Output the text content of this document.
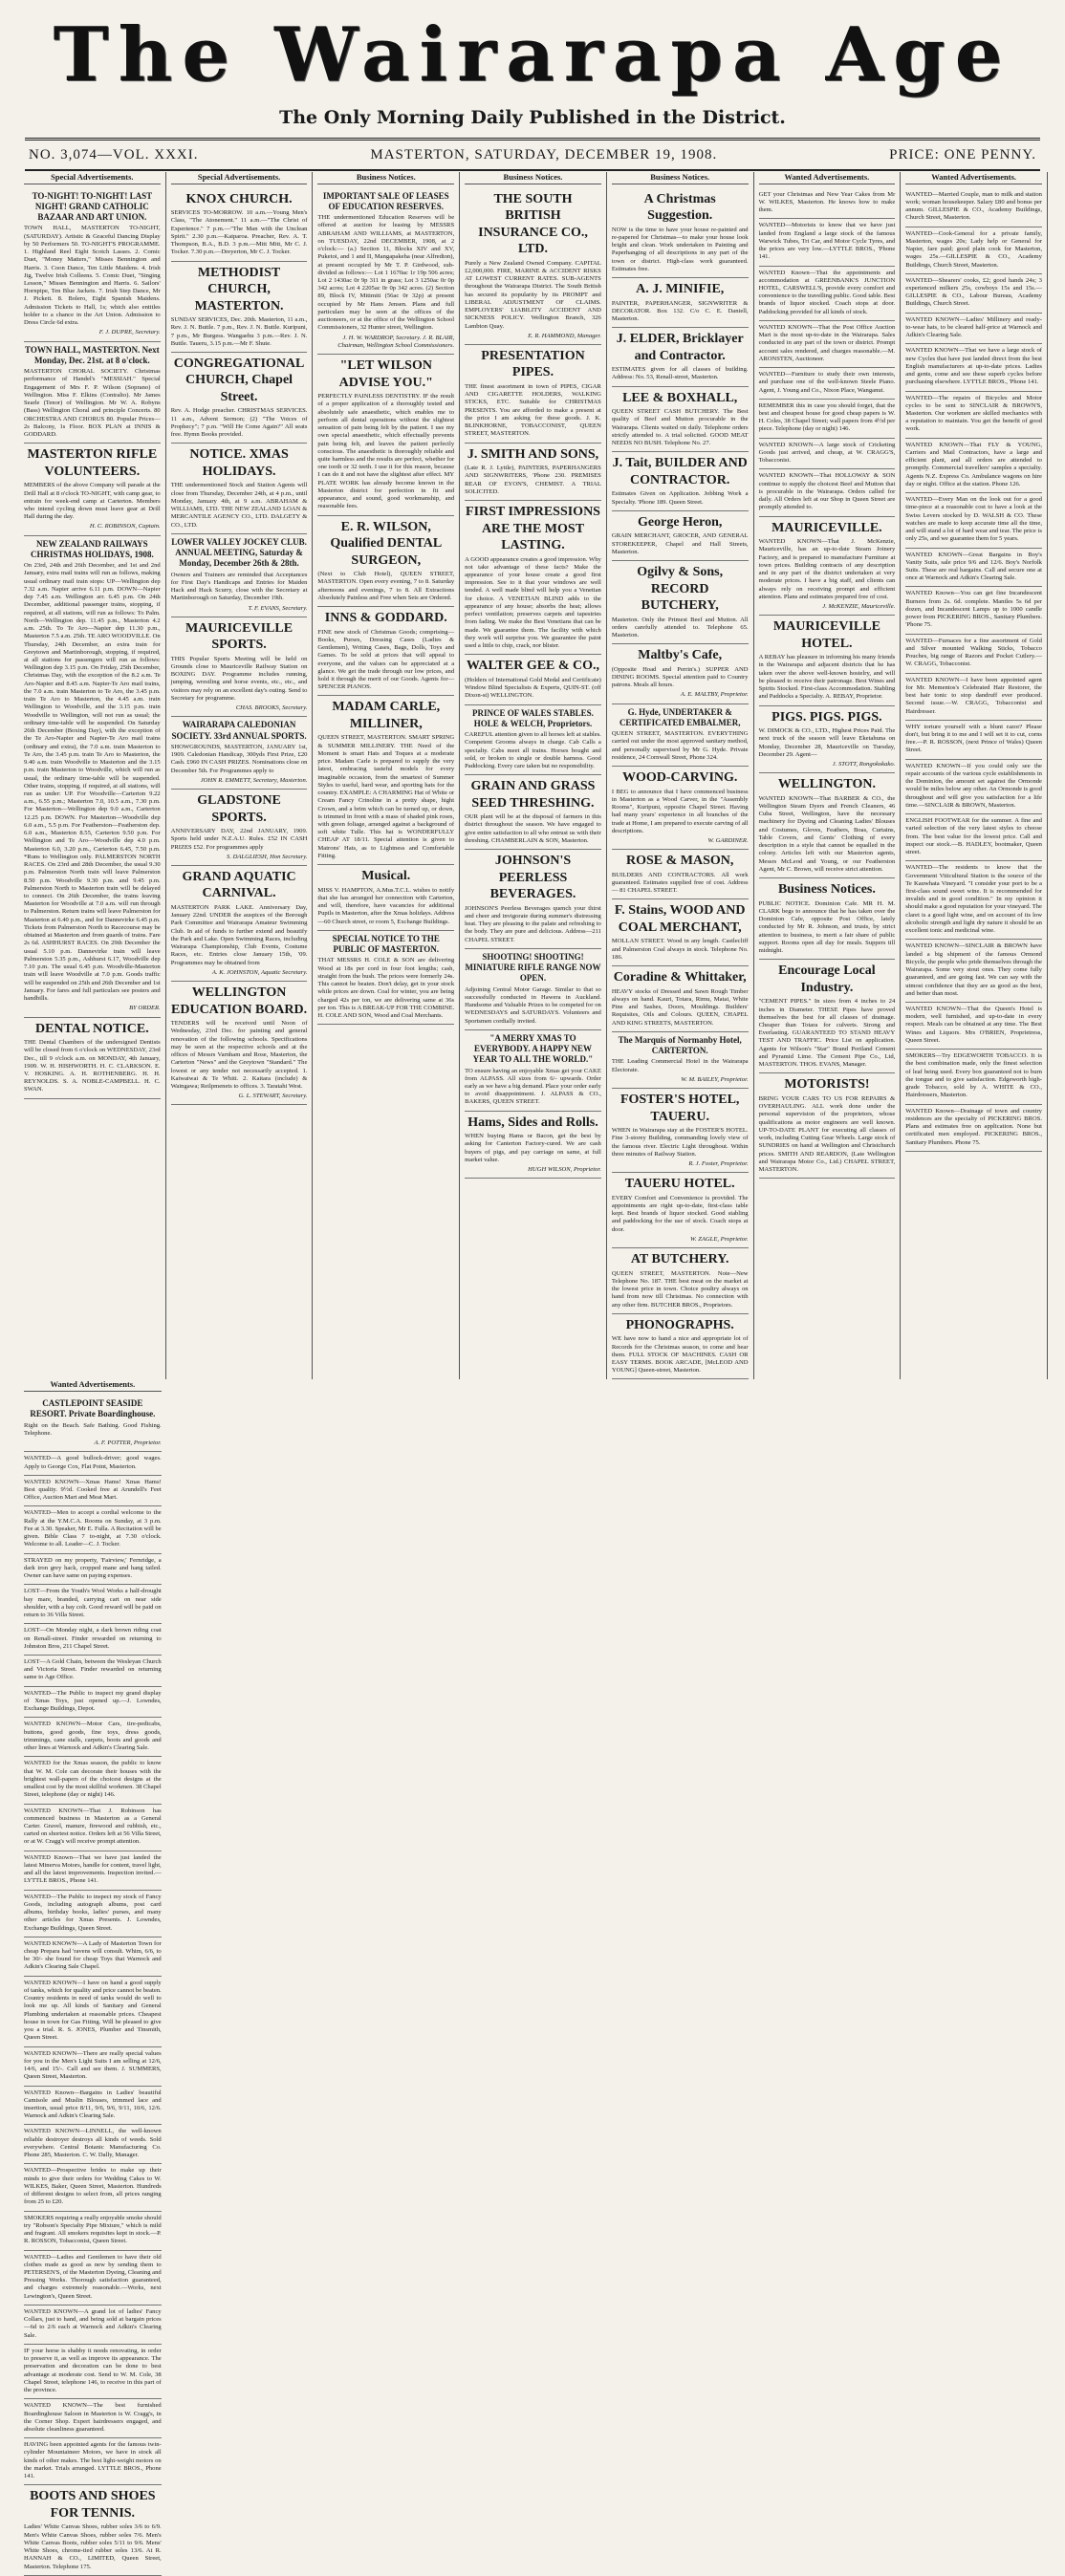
The Wairarapa Age
The Only Morning Daily Published in the District.
NO. 3,074—VOL. XXXI.	MASTERTON, SATURDAY, DECEMBER 19, 1908.	PRICE: ONE PENNY.
Special Advertisements.
TO-NIGHT! TO-NIGHT! LAST NIGHT! GRAND CATHOLIC BAZAAR AND ART UNION.

TOWN HALL, MASTERTON TO-NIGHT, (SATURDAY). Artistic & Graceful Dancing Display by 50 Performers 50. TO-NIGHT'S PROGRAMME. 1. Highland Reel Eight Scotch Lasses. 2. Comic Duet, "Money Matters," Misses Bennington and Harris. 3. Coon Dance, Ten Little Maidens. 4. Irish Jig, Twelve Irish Colleens. 5. Comic Duet, "Singing Lesson," Misses Bennington and Harris. 6. Sailors' Hornpipe, Ten Blue Jackets. 7. Irish Step Dance, Mr J. Pickett. 8. Bolero, Eight Spanish Maidens. Admission Tickets to Hall, 1s; which also entitles holder to a chance in the Art Union. Admission to Dress Circle 6d extra.

F. J. DUPRE, Secretary.
TOWN HALL, MASTERTON. Next Monday, Dec. 21st. at 8 o'clock.

MASTERTON CHORAL SOCIETY. Christmas performance of Handel's "MESSIAH." Special Engagement of Mrs F. P. Wilson (Soprano) of Wellington. Miss F. Elkins (Contralto). Mr James Searle (Tenor) of Wellington. Mr W. A. Robyns (Bass) Wellington Choral and principle Concerts. 80 ORCHESTRA AND CHORUS 80. Popular Prices—2s Balcony, 1s Floor. BOX PLAN at INNIS & GODDARD.

MASTERTON RIFLE VOLUNTEERS.

MEMBERS of the above Company will parade at the Drill Hall at 8 o'clock TO-NIGHT, with camp gear, to entrain for week-end camp at Carterton. Members who intend cycling down must leave gear at Drill Hall during the day.

H. C. ROBINSON, Captain.
NEW ZEALAND RAILWAYS CHRISTMAS HOLIDAYS, 1908.

On 23rd, 24th and 26th December, and 1st and 2nd January, extra mail trains will run as follows, making usual ordinary mail train stops: UP—Wellington dep 7.32 a.m. Napier arrive 6.11 p.m. DOWN—Napier dep 7.45 a.m. Wellington arr. 6.45 p.m. On 24th December, additional passenger trains, stopping, if required, at all stations, will run as follows: To Palm. North—Wellington dep. 11.45 p.m., Masterton 4.2 a.m. 25th. To Te Aro—Napier dep 11.30 p.m., Masterton 7.5 a.m. 25th. TE ARO WOODVILLE. On Thursday, 24th December, an extra train for Greytown and Martinborough, stopping, if required, at all stations for passengers will run as follows: Wellington dep 3.15 p.m. On Friday, 25th December, Christmas Day, with the exception of the 8.2 a.m. Te Aro-Napier and 8.45 a.m. Napier-Te Aro mail trains, the 7.0 a.m. train Masterton to Te Aro, the 3.45 p.m. train Te Aro to Masterton, the 4.45 a.m. train Wellington to Woodville, and the 3.15 p.m. train Woodville to Wellington, will not run as usual; the ordinary time-table will be suspended. On Saturday 26th December (Boxing Day), with the exception of the Te Aro-Napier and Napier-Te Aro mail trains (ordinary and extra), the 7.0 a.m. train Masterton to Te Aro, the 3.45 p.m. train Te Aro to Masterton, the 9.40 a.m. train Woodville to Masterton and the 3.15 p.m. train Masterton to Woodville, which will run as usual, the ordinary time-table will be suspended. Other trains, stopping, if required, at all stations, will run as under: UP. For Woodville—Carterton 9.22 a.m., 6.55 p.m.; Masterton 7.0, 10.5 a.m., 7.30 p.m. For Masterton—Wellington dep 9.0 a.m., Carterton 12.25 p.m. DOWN. For Masterton—Woodville dep 6.0 a.m., 5.5 p.m. For Featherston—Featherston dep. 6.0 a.m., Masterton 8.55, Carterton 9.50 p.m. For Wellington and Te Aro—Woodville dep 4.0 p.m. Masterton 6.0, 3.20 p.m., Carterton 6.45, 7.50 p.m. *Runs to Wellington only. PALMERSTON NORTH RACES. On 23rd and 28th December, the usual 9.30 p.m. Palmerston North train will leave Palmerston 8.50 p.m. Woodville 9.30 p.m. and 9.45 p.m. Palmerston North to Masterton train will be delayed to connect. On 26th December, the trains leaving Masterton for Woodville at 7.0 a.m. will run through to Palmerston. Return trains will leave Palmerston for Masterton at 6.40 p.m., and for Dannevirke 6.45 p.m. Tickets from Palmerston North to Racecourse may be obtained at Masterton and from guards of trains. Fare 2s 6d. ASHHURST RACES. On 29th December the usual 5.10 p.m. Dannevirke train will leave Palmerston 5.35 p.m., Ashhurst 6.17, Woodville dep 7.10 p.m. The usual 6.45 p.m. Woodville-Masterton train will leave Woodville at 7.0 p.m. Goods traffic will be suspended on 25th and 26th December and 1st January. For fares and full particulars see posters and handbills.

BY ORDER.
DENTAL NOTICE.

THE Dental Chambers of the undersigned Dentists will be closed from 6 o'clock on WEDNESDAY, 23rd Dec., till 9 o'clock a.m. on MONDAY, 4th January, 1909. W. H. HISHWORTH. H. C. CLARKSON. E. V. HOSKING. A. H. ROTHENBERG. H. H. REYNOLDS. S. A. NOBLE-CAMPBELL. H. C. SWAN.

Special Advertisements.
KNOX CHURCH.

SERVICES TO-MORROW. 10 a.m.—Young Men's Class, "The Atonement." 11 a.m.—"The Christ of Experience." 7 p.m.—"The Man with the Unclean Spirit." 2.30 p.m.—Kaiparoa. Preacher, Rev. A. T. Thompson, B.A., B.D. 3 p.m.—Mitt Mitt, Mr C. J. Tocker. 7.30 p.m.—Dreyerton, Mr C. J. Tocker.

METHODIST CHURCH, MASTERTON.

SUNDAY SERVICES, Dec. 20th. Masterton, 11 a.m., Rev. J. N. Buttle. 7 p.m., Rev. J. N. Buttle. Kuripuni, 7 p.m., Mr Burgess. Wangaehu 3 p.m.—Rev. J. N. Buttle. Taueru, 3.15 p.m.—Mr F. Shute.

CONGREGATIONAL CHURCH, Chapel Street.

Rev. A. Hodge preacher. CHRISTMAS SERVICES. 11 a.m., Advent Sermon; (2) "The Voices of Prophecy"; 7 p.m. "Will He Come Again?" All seats free. Hymn Books provided.

NOTICE. XMAS HOLIDAYS.

THE undermentioned Stock and Station Agents will close from Thursday, December 24th, at 4 p.m., until Monday, January 4th, at 9 a.m. ABRAHAM & WILLIAMS, LTD. THE NEW ZEALAND LOAN & MERCANTILE AGENCY CO., LTD. DALGETY & CO., LTD.

LOWER VALLEY JOCKEY CLUB. ANNUAL MEETING, Saturday & Monday, December 26th & 28th.

Owners and Trainers are reminded that Acceptances for First Day's Handicaps and Entries for Maiden Hack and Hack Scurry, close with the Secretary at Martinborough on Saturday, December 19th.

T. F. EVANS, Secretary.
MAURICEVILLE SPORTS.

THIS Popular Sports Meeting will be held on Grounds close to Mauriceville Railway Station on BOXING DAY. Programme includes running, jumping, wrestling and horse events, etc., etc., and visitors may rely on an excellent day's outing. Send to Secretary for programme.

CHAS. BROOKS, Secretary.
WAIRARAPA CALEDONIAN SOCIETY. 33rd ANNUAL SPORTS.

SHOWGROUNDS, MASTERTON, JANUARY 1st, 1909. Caledonian Handicap, 300yds First Prize, £20 Cash. £960 IN CASH PRIZES. Nominations close on December 5th. For Programmes apply to

JOHN R. EMMETT, Secretary, Masterton.
GLADSTONE SPORTS.

ANNIVERSARY DAY, 22nd JANUARY, 1909. Sports held under N.Z.A.U. Rules. £52 IN CASH PRIZES £52. For programmes apply

S. DALGLIESH, Hon Secretary.
GRAND AQUATIC CARNIVAL.

MASTERTON PARK LAKE. Anniversary Day, January 22nd. UNDER the auspices of the Borough Park Committee and Wairarapa Amateur Swimming Club. In aid of funds to further extend and beautify the Park and Lake. Open Swimming Races, including Wairarapa Championship, Club Events, Costume Races, etc. Entries close January 15th, '09. Programmes may be obtained from

A. K. JOHNSTON, Aquatic Secretary.
WELLINGTON EDUCATION BOARD.

TENDERS will be received until Noon of Wednesday, 23rd Dec. for painting and general renovation of the following schools. Specifications may be seen at the respective schools and at the offices of Messrs Varnham and Rose, Masterton, the Carterton "News" and the Greytown "Standard." The lowest or any tender not necessarily accepted. 1. Kaiwaiwai & Te Whiti. 2. Kaitara (include) & Waingawa; Reilpmenets to offices. 3. Taratahi West.

G. L. STEWART, Secretary.
Business Notices.
IMPORTANT SALE OF LEASES OF EDUCATION RESERVES.

THE undermentioned Education Reserves will be offered at auction for leasing by MESSRS ABRAHAM AND WILLIAMS, at MASTERTON, on TUESDAY, 22nd DECEMBER, 1908, at 2 o'clock:— (a.) Section 11, Blocks XIV and XV, Puketoi, and 1 and II, Mangapakeha (near Alfredton), at present occupied by Mr T. P. Girdwood, sub-divided as follows:— Lot 1 1670ac 1r 19p 506 acres; Lot 2 1430ac 0r 9p 311 in grass; Lot 3 1250ac 0r 0p 342 acres; Lot 4 2205ac 0r 0p 342 acres. (2) Section 89, Block IV, Mitimiti (56ac 0r 32p) at present occupied by Mr Hans Jensen. Plans and full particulars may be seen at the offices of the auctioneers, or at the office of the Wellington School Commissioners, 32 Hunter street, Wellington.

J. H. W. WARDROP, Secretary. J. R. BLAIR, Chairman, Wellington School Commissioners.
"LET WILSON ADVISE YOU."

PERFECTLY PAINLESS DENTISTRY. IF the result of a proper application of a thoroughly tested and absolutely safe anaesthetic, which enables me to perform all dental operations without the slightest sensation of pain being felt by the patient. I use my own special anaesthetic, which effectually prevents pain being felt, and leaves the patient perfectly conscious. The anaesthetic is thoroughly reliable and quite harmless and the results are perfect, whether for one tooth or 32 teeth. I use it for this reason, because I can do it and not have the slightest after effect. MY PLATE WORK has already become known in the Masterton district for perfection in fit and appearance, and sound, good workmanship, and reasonable fees.

E. R. WILSON, Qualified DENTAL SURGEON,

(Next to Club Hotel), QUEEN STREET, MASTERTON. Open every evening, 7 to 8. Saturday afternoons and evenings, 7 to 8. All Extractions Absolutely Painless and Free when Sets are Ordered.

INNS & GODDARD.

FINE new stock of Christmas Goods; comprising— Books, Purses, Dressing Cases (Ladies & Gentlemen), Writing Cases, Bags, Dolls, Toys and Games. To be sold at prices that will appeal to everyone, and the values can be appreciated at a glance. We get the trade through our low prices, and hold it through the merit of our Goods. Agents for— SPENCER PIANOS.

MADAM CARLE, MILLINER,

QUEEN STREET, MASTERTON. SMART SPRING & SUMMER MILLINERY. THE Need of the Moment is smart Hats and Toques at a moderate price. Madam Carle is prepared to supply the very latest, embracing tasteful models for every imaginable occasion, from the smartest of Summer Styles to useful, hard wear, and sporting hats for the country. EXAMPLE: A CHARMING Hat of White or Cream Fancy Crinoline in a pretty shape, hight Crown, and a brim which can be turned up, or down, is trimmed in front with a mass of shaded pink roses, with green foliage, arranged against a background of soft white Tulle. This hat is WONDERFULLY CHEAP AT 18/11. Special attention is given to Matrons' Hats, as to Lightness and Comfortable Fitting.

Musical.

MISS V. HAMPTON, A.Mus.T.C.L. wishes to notify that she has arranged her connection with Carterton, and will, therefore, have vacancies for additional Pupils in Masterton, after the Xmas holidays. Address—60 Church street, or room 5, Exchange Buildings.

SPECIAL NOTICE TO THE PUBLIC OF MASTERTON.

THAT MESSRS H. COLE & SON are delivering Wood at 18s per cord in four foot lengths; cash, straight from the bush. The prices were formerly 24s. This cannot be beaten. Don't delay, get in your stock while prices are down. Coal for winter, you are being charged 42s per ton, we are delivering same at 36s per ton. This is A BREAK-UP FOR THE COMBINE. H. COLE AND SON, Wood and Coal Merchants.

Business Notices.
THE SOUTH BRITISH INSURANCE CO., LTD.

Purely a New Zealand Owned Company. CAPITAL £2,000,000. FIRE, MARINE & ACCIDENT RISKS AT LOWEST CURRENT RATES. SUB-AGENTS throughout the Wairarapa District. The South British has secured its popularity by its PROMPT and LIBERAL ADJUSTMENT OF CLAIMS. EMPLOYERS' LIABILITY ACCIDENT AND SICKNESS POLICY. Wellington Branch, 326 Lambton Quay.

E. R. HAMMOND, Manager.
PRESENTATION PIPES.

THE finest assortment in town of PIPES, CIGAR AND CIGARETTE HOLDERS, WALKING STICKS, ETC. Suitable for CHRISTMAS PRESENTS. You are afforded to make a present at the price I am asking for these goods. J. K. BLINKHORNE, TOBACCONIST, QUEEN STREET, MASTERTON.

J. SMITH AND SONS,

(Late R. J. Lyttle), PAINTERS, PAPERHANGERS AND SIGNWRITERS, 'Phone 230. PREMISES REAR OF EYON'S, CHEMIST. A TRIAL SOLICITED.

FIRST IMPRESSIONS ARE THE MOST LASTING.

A GOOD appearance creates a good impression. Why not take advantage of these facts? Make the appearance of your house create a good first impression. See to it that your windows are well tended. A well made blind will help you a Venetian for choice. A VENETIAN BLIND adds to the appearance of any house; absorbs the heat; allows perfect ventilation; preserves carpets and tapestries from fading. We make the Best Venetians that can be made. We guarantee them. The facility with which they work will surprise you. We guarantee the paint used a little to chip, crack, nor blister.

WALTER GEE & CO.,

(Holders of International Gold Medal and Certificate) Window Blind Specialists & Experts, QUIN-ST. (off Dixon-st) WELLINGTON.

PRINCE OF WALES STABLES. HOLE & WELCH, Proprietors.

CAREFUL attention given to all horses left at stables. Competent Grooms always in charge. Cab Calls a specialty. Cabs meet all trains. Horses bought and sold, or broken to single or double harness. Good Paddocking. Every care taken but no responsibility.

GRAIN AND GRASS SEED THRESHING.

OUR plant will be at the disposal of farmers in this district throughout the season. We have engaged to give entire satisfaction to all who entrust us with their threshing. CHAMBERLAIN & SON, Masterton.

JOHNSON'S PEERLESS BEVERAGES.

JOHNSON'S Peerless Beverages quench your thirst and cheer and invigorate during summer's distressing heat. They are pleasing to the palate and refreshing to the body. They are pure and delicious. Address—211 CHAPEL STREET.

SHOOTING! SHOOTING! MINIATURE RIFLE RANGE NOW OPEN.

Adjoining Central Motor Garage. Similar to that so successfully conducted in Hawera in Auckland. Handsome and Valuable Prizes to be competed for on WEDNESDAYS and SATURDAYS. Volunteers and Sportsmen cordially invited.

"A MERRY XMAS TO EVERYBODY. A HAPPY NEW YEAR TO ALL THE WORLD."

TO ensure having an enjoyable Xmas get your CAKE from ALPASS. All sizes from 6/- upwards. Order early as we have a big demand. Place your order early to avoid disappointment. J. ALPASS & CO., BAKERS, QUEEN STREET.

Hams, Sides and Rolls.

WHEN buying Hams or Bacon, get the best by asking for Canterton Factory-cured. We are cash buyers of pigs, and pay carriage on same, at full market value.

HUGH WILSON, Proprietor.
Business Notices.
A Christmas Suggestion.

NOW is the time to have your house re-painted and re-papered for Christmas—to make your house look bright and clean. Work undertaken in Painting and Paperhanging of all descriptions in any part of the town or district. High-class work guaranteed. Estimates free.

A. J. MINIFIE,

PAINTER, PAPERHANGER, SIGNWRITER & DECORATOR. Box 132. C/o C. E. Daniell, Masterton.

J. ELDER, Bricklayer and Contractor.

ESTIMATES given for all classes of building. Address: No. 53, Renall-street, Masterton.

LEE & BOXHALL,

QUEEN STREET CASH BUTCHERY. The Best quality of Beef and Mutton procurable in the Wairarapa. Clients waited on daily. Telephone orders strictly attended to. A trial solicited. GOOD MEAT NEEDS NO BUSH. Telephone No. 27.

J. Tait, BUILDER AND CONTRACTOR.

Estimates Given on Application. Jobbing Work a Specialty. 'Phone 189. Queen Street.

George Heron,

GRAIN MERCHANT, GROCER, AND GENERAL STOREKEEPER, Chapel and Hall Streets, Masterton.

Ogilvy & Sons, RECORD BUTCHERY,

Masterton. Only the Primest Beef and Mutton. All orders carefully attended to. Telephone 65. Masterton.

Maltby's Cafe,

(Opposite Hoad and Perrin's.) SUPPER AND DINING ROOMS. Special attention paid to Country patrons. Meals all hours.

A. E. MALTBY, Proprietor.
G. Hyde, UNDERTAKER & CERTIFICATED EMBALMER,

QUEEN STREET, MASTERTON. EVERYTHING carried out under the most approved sanitary method, and personally supervised by Mr G. Hyde. Private residence, 24 Cornwall Street, Phone 324.

WOOD-CARVING.

I BEG to announce that I have commenced business in Masterton as a Wood Carver, in the "Assembly Rooms", Kuripuni, opposite Chapel Street. Having had many years' experience in all branches of the trade at Home, I am prepared to execute carving of all descriptions.

W. GARDINER.
ROSE & MASON,

BUILDERS AND CONTRACTORS. All work guaranteed. Estimates supplied free of cost. Address— 81 CHAPEL STREET.

F. Stains, WOOD AND COAL MERCHANT,

MOLLAN STREET. Wood in any length. Castlecliff and Palmerston Coal always in stock. Telephone No. 186.

Coradine & Whittaker,

HEAVY stocks of Dressed and Sawn Rough Timber always on hand. Kauri, Totara, Rimu, Matai, White Pine and Sashes, Doors, Mouldings. Builders' Requisites, Oils and Colours. QUEEN, CHAPEL AND KING STREETS, MASTERTON.

The Marquis of Normanby Hotel, CARTERTON.

THE Leading Commercial Hotel in the Wairarapa Electorate.

W. M. BAILEY, Proprietor.
FOSTER'S HOTEL, TAUERU.

WHEN in Wairarapa stay at the FOSTER'S HOTEL. Fine 3-storey Building, commanding lovely view of the famous river. Electric Light throughout. Within three minutes of Railway Station.

R. J. Foster, Proprietor.
TAUERU HOTEL.

EVERY Comfort and Convenience is provided. The appointments are right up-to-date, first-class table kept. Best brands of liquor stocked. Good stabling and paddocking for the use of stock. Coach stops at door.

W. ZAGLE, Proprietor.
AT BUTCHERY.

QUEEN STREET, MASTERTON. Note—New Telephone No. 187. THE best meat on the market at the lowest price in town. Choice poultry always on hand from now till Christmas. No connection with any other firm. BUTCHER BROS., Proprietors.

PHONOGRAPHS.

WE have now to hand a nice and appropriate lot of Records for the Christmas season, to come and hear them. FULL STOCK OF MACHINES. CASH OR EASY TERMS. BOOK ARCADE, [McLEOD AND YOUNG] Queen-street, Masterton.

Wanted Advertisements.

GET your Christmas and New Year Cakes from Mr W. WILKES, Masterton. He knows how to make them.

WANTED—Motorists to know that we have just landed from England a large stock of the famous Warwick Tubes, Tri Car, and Motor Cycle Tyres, and the prices are very low.—LYTTLE BROS., 'Phone 141.

WANTED Known—That the appointments and accommodation at GREENBANK'S JUNCTION HOTEL, CARSWELL'S, provide every comfort and convenience to the travelling public. Good table. Best brands of liquor stocked. Coach stops at door. Paddocking provided for all kinds of stock.

WANTED KNOWN—That the Post Office Auction Mart is the most up-to-date in the Wairarapa. Sales conducted in any part of the town or district. Prompt account sales rendered, and charges reasonable.—M. ARONSTEN, Auctioneer.

WANTED—Furniture to study their own interests, and purchase one of the well-known Steele Piano. Agent, J. Young and Co., Nixon Place, Wanganui.

REMEMBER this in case you should forget, that the best and cheapest house for good cheap papers is W. H. Coles, 38 Chapel Street; wall papers from 4½d per piece. Telephone (day or night) 146.

WANTED KNOWN—A large stock of Cricketing Goods just arrived, and cheap, at W. CRAGG'S, Tobacconist.

WANTED KNOWN—That HOLLOWAY & SON continue to supply the choicest Beef and Mutton that is procurable in the Wairarapa. Orders called for daily. All Orders left at our Shop in Queen Street are promptly attended to.

MAURICEVILLE.

WANTED KNOWN—That J. McKenzie, Mauriceville, has an up-to-date Steam Joinery Factory, and is prepared to manufacture Furniture at town prices. Building contracts of any description and in any part of the district undertaken at very moderate prices. I have a big staff, and clients can always rely on receiving prompt and efficient attention. Plans and estimates prepared free of cost.

J. McKENZIE, Mauriceville.
MAURICEVILLE HOTEL.

A REBAY has pleasure in informing his many friends in the Wairarapa and adjacent districts that he has taken over the above well-known hostelry, and will be pleased to receive their patronage. Best Wines and Spirits Stocked. First-class Accommodation. Stabling and Paddocks a Specialty. A. REBAY, Proprietor.

PIGS. PIGS. PIGS.

W. DIMOCK & CO., LTD., Highest Prices Paid. The next truck of the season will leave Eketahuna on Monday, December 28, Mauriceville on Tuesday, December 29. Agent—

J. STOTT, Rongokokako.
WELLINGTON.

WANTED KNOWN—That BARBER & CO., the Wellington Steam Dyers and French Cleaners, 46 Cuba Street, Wellington, have the necessary machinery for Dyeing and Cleaning Ladies' Blouses and Costumes, Gloves, Feathers, Boas, Curtains, Table Covers, and Gents' Clothing of every description in a style that cannot be equalled in the colony. Articles left with our Masterton agents, Messrs McLeod and Young, or our Featherston Agent, Mr C. Brown, will receive strict attention.

Business Notices.

PUBLIC NOTICE. Dominion Cafe. MR H. M. CLARK begs to announce that he has taken over the Dominion Cafe, opposite Post Office, lately conducted by Mr R. Johnson, and trusts, by strict attention to business, to merit a fair share of public support. Rooms open all day for meals. Suppers till midnight.

Encourage Local Industry.

"CEMENT PIPES." In sizes from 4 inches to 24 inches in Diameter. THESE Pipes have proved themselves the best for all classes of drainage. Cheaper than Totara for culverts. Strong and Everlasting. GUARANTEED TO STAND HEAVY TEST AND TRAFFIC. Price List on application. Agents for Wilson's "Star" Brand Portland Cement and Pyramid Lime. The Cement Pipe Co., Ltd, MASTERTON. THOS. EVANS, Manager.

MOTORISTS!

BRING YOUR CARS TO US FOR REPAIRS & OVERHAULING. ALL work done under the personal supervision of the proprietors, whose qualifications as motor engineers are well known. UP-TO-DATE PLANT for executing all classes of work, including Cutting Gear Wheels. Large stock of SUNDRIES on hand at Wellington and Christchurch prices. SMITH AND REARDON, (Late Wellington and Wairarapa Motor Co., Ltd.) CHAPEL STREET, MASTERTON.

Wanted Advertisements.

WANTED—Married Couple, man to milk and station work; woman housekeeper. Salary £80 and bonus per annum. GILLESPIE & CO., Academy Buildings, Church Street, Masterton.

WANTED—Cook-General for a private family, Masterton, wages 20s; Lady help or General for Napier, fare paid; good plain cook for Masterton, wages 25s.—GILLESPIE & CO., Academy Buildings, Church Street, Masterton.

WANTED—Shearers' cooks, £2; good hands 24s; 3 experienced milkers 25s, cowboys 15s and 15s.—GILLESPIE & CO., Labour Bureau, Academy Buildings, Church Street.

WANTED KNOWN—Ladies' Millinery and ready-to-wear hats, to be cleared half-price at Warnock and Adkin's Clearing Sale.

WANTED KNOWN—That we have a large stock of new Cycles that have just landed direct from the best English manufacturers at up-to-date prices. Ladies and gents, come and see these superb cycles before purchasing elsewhere. LYTTLE BROS., 'Phone 141.

WANTED—The repairs of Bicycles and Motor cycles to be sent to SINCLAIR & BROWN'S, Masterton. Our workmen are skilled mechanics with a reputation to maintain. You get the benefit of good work.

WANTED KNOWN—That FLY & YOUNG, Carriers and Mail Contractors, have a large and efficient plant, and all orders are attended to promptly. Commercial travellers' samples a specialty. Agents N.Z. Express Co. Ambulance wagons on hire day or night. Office at the station. Phone 126.

WANTED—Every Man on the look out for a good time-piece at a reasonable cost to have a look at the Swiss Levers stocked by D. WALSH & CO. These watches are made to keep accurate time all the time, and will stand a lot of hard wear and tear. The price is only 25s, and we guarantee them for 5 years.

WANTED KNOWN—Great Bargains in Boy's Vanity Suits, sale price 9/6 and 12/6. Boy's Norfolk Suits. These are real bargains. Call and secure one at once at Warnock and Adkin's Clearing Sale.

WANTED Known—You can get fine Incandescent Burners from 2s. 6d. complete. Mantles 5s 6d per dozen, and Incandescent Lamps up to 1000 candle power from PICKERING BROS., Sanitary Plumbers. 'Phone 75.

WANTED—Furnaces for a fine assortment of Gold and Silver mounted Walking Sticks, Tobacco Pouches, big range of Razors and Pocket Cutlery.—W. CRAGG, Tobacconist.

WANTED KNOWN—I have been appointed agent for Mr. Mementos's Celebrated Hair Restorer, the best hair tonic to stop dandruff ever produced. Second issue.—W. CRAGG, Tobacconist and Hairdresser.

WHY torture yourself with a blunt razor? Please don't, but bring it to me and I will set it to cut, corns free.—P. R. ROSSON, (next Prince of Wales) Queen Street.

WANTED KNOWN—If you could only see the repair accounts of the various cycle establishments in the Dominion, the amount set against the Ormonde would be miles below any other. An Ormonde is good throughout and will give you satisfaction for a life time.—SINCLAIR & BROWN, Masterton.

ENGLISH FOOTWEAR for the summer. A fine and varied selection of the very latest styles to choose from. The best value for the lowest price. Call and inspect our stock.—B. HADLEY, bootmaker, Queen street.

WANTED—The residents to know that the Government Viticultural Station is the source of the Te Kauwhata Vineyard. "I consider your port to be a first-class sound sweet wine. It is recommended for invalids and in good condition." In my opinion it should make a good reputation for your vineyard. The claret is a good light wine, and on account of its low alcoholic strength and light dry nature it should be an excellent tonic and medicinal wine.

WANTED KNOWN—SINCLAIR & BROWN have landed a big shipment of the famous Ormond Bicycle, the people who pride themselves through the Wairarapa. Some very stout ones. They come fully guaranteed, and are going fast. We can say with the utmost confidence that they are as good as the best, and better than most.

WANTED KNOWN—That the Queen's Hotel is modern, well furnished, and up-to-date in every respect. Meals can be obtained at any time. The Best Wines and Liquors. Mrs O'BRIEN, Proprietress, Queen Street.

SMOKERS—Try EDGEWORTH TOBACCO. It is the best combination made, only the finest selection of leaf being used. Every box guaranteed not to burn the tongue and to give satisfaction. Edgeworth high-grade Tobacco, sold by A. WHITE & CO., Hairdressers, Masterton.

WANTED Known—Drainage of town and country residences are the specialty of PICKERING BROS. Plans and estimates free on application. None but certificated men employed. PICKERING BROS., Sanitary Plumbers. Phone 75.

Wanted Advertisements.
CASTLEPOINT SEASIDE RESORT. Private Boardinghouse.

Right on the Beach. Safe Bathing. Good Fishing. Telephone.

A. F. POTTER, Proprietor.

WANTED—A good bullock-driver; good wages. Apply to George Cox, Flat Point, Masterton.

WANTED KNOWN—Xmas Hams! Xmas Hams! Best quality. 9½d. Cooked free at Arundell's Feet Office, Auction Mart and Meat Mart.

WANTED—Men to accept a cordial welcome to the Rally at the Y.M.C.A. Rooms on Sunday, at 3 p.m. Fee at 3.30. Speaker, Mr E. Fulla. A Recitation will be given. Bible Class 7 to-night, at 7.30 o'clock. Welcome to all. Leader—C. J. Tocker.

STRAYED on my property, 'Fairview,' Fernridge, a dark iron grey hack, cropped mane and hang tailed. Owner can have same on paying expenses.

LOST—From the Youth's Wool Works a half-drought bay mare, branded, carrying cart on near side shoulder, with a bay colt. Good reward will be paid on return to 36 Villa Street.

LOST—On Monday night, a dark brown riding coat on Renall-street. Finder rewarded on returning to Johnston Bros, 211 Chapel Street.

LOST—A Gold Chain, between the Wesleyan Church and Victoria Street. Finder rewarded on returning same to Age Office.

WANTED—The Public to inspect my grand display of Xmas Toys, just opened up.—J. Lowndes, Exchange Buildings, Depot.

WANTED KNOWN—Motor Cars, tire-pedicabs, buttons, good goods, fine toys, dress goods, trimmings, cane stalls, carpets, boots and goods and other lines at Warnock and Adkin's Clearing Sale.

WANTED for the Xmas season, the public to know that W. M. Cole can decorate their houses with the brightest wall-papers of the choicest designs at the smallest cost by the most skillful workmen. 38 Chapel Street, telephone (day or night) 146.

WANTED KNOWN—That J. Robinson has commenced business in Masterton as a General Carter. Gravel, manure, firewood and rubbish, etc., carted on shortest notice. Orders left at 56 Villa Street, or at W. Cragg's will receive prompt attention.

WANTED Known—That we have just landed the latest Minerva Motors, handle for content, travel light, and all the latest improvements. Inspection invited.—LYTTLE BROS., Phone 141.

WANTED—The Public to inspect my stock of Fancy Goods, including autograph albums, post card albums, birthday books, ladies' purses, and many other articles for Xmas Presents. J. Lowndes, Exchange Buildings, Queen Street.

WANTED KNOWN—A Lady of Masterton Town for cheap Prepara had 'ravens will consult. Whim, 6/6, to be 30/- she found for cheap Toys that Warnock and Adkin's Clearing Sale Chapel.

WANTED KNOWN—I have on hand a good supply of tanks, which for quality and price cannot be beaten. Country residents in need of tanks would do well to look me up. All kinds of Sanitary and General Plumbing undertaken at reasonable prices. Cheapest house in town for Gas Fitting. Will be pleased to give you a trial. R. S. JONES, Plumber and Tinsmith, Queen Street.

WANTED KNOWN—There are really special values for you in the Men's Light Suits I am selling at 12/6, 14/6, and 15/-. Call and see them. J. SUMMERS, Queen Street, Masterton.

WANTED Known—Bargains in Ladies' beautiful Camisole and Muslin Blouses, trimmed lace and insertion, usual price 8/11, 9/6, 9/6, 9/11, 10/6, 12/6. Warnock and Adkin's Clearing Sale.

WANTED KNOWN—LINNELL, the well-known reliable destroyer destroys all kinds of weeds. Sold everywhere. Central Botanic Manufacturing Co. Phone 285, Masterton. C. W. Dally, Manager.

WANTED—Prospective brides to make up their minds to give their orders for Wedding Cakes to W. WILKES, Baker, Queen Street, Masterton. Hundreds of different designs to select from, all prices ranging from 25 to £20.

SMOKERS requiring a really enjoyable smoke should try "Robson's Specialty Pipe Mixture," which is mild and fragrant. All smokers requisites kept in stock.—P. R. ROSSON, Tobacconist, Queen Street.

WANTED—Ladies and Gentlemen to have their old clothes made as good as new by sending them to PETERSEN'S, of the Masterton Dyeing, Cleaning and Pressing Works. Thorough satisfaction guaranteed, and charges extremely reasonable.—Works, next Lewington's, Queen Street.

WANTED KNOWN—A grand lot of ladies' Fancy Collars, just to hand, and being sold at bargain prices—6d to 2/6 each at Warnock and Adkin's Clearing Sale.

IF your horse is shabby it needs renovating, in order to preserve it, as well as improve its appearance. The preservation and decoration can be done to best advantage at moderate cost. Send to W. M. Cole, 38 Chapel Street, telephone 146, to receive in this part of the province.

WANTED KNOWN—The best furnished Boardinghouse Saloon in Masterton is W. Cragg's, in the Corner Shop. Expert hairdressers engaged, and absolute cleanliness guaranteed.

HAVING been appointed agents for the famous twin-cylinder Mountaineer Motors, we have in stock all kinds of other makes. The best light-weight motors on the market. Trials arranged. LYTTLE BROS., Phone 141.

BOOTS AND SHOES FOR TENNIS.

Ladies' White Canvas Shoes, rubber soles 3/6 to 6/9. Men's White Canvas Shoes, rubber soles 7/6. Men's White Canvas Boots, rubber soles 5/11 to 9/6. Mens' White Shoes, chrome-tied rubber soles 13/6. At R. HANNAH & CO., LIMITED, Queen Street, Masterton. Telephone 175.
